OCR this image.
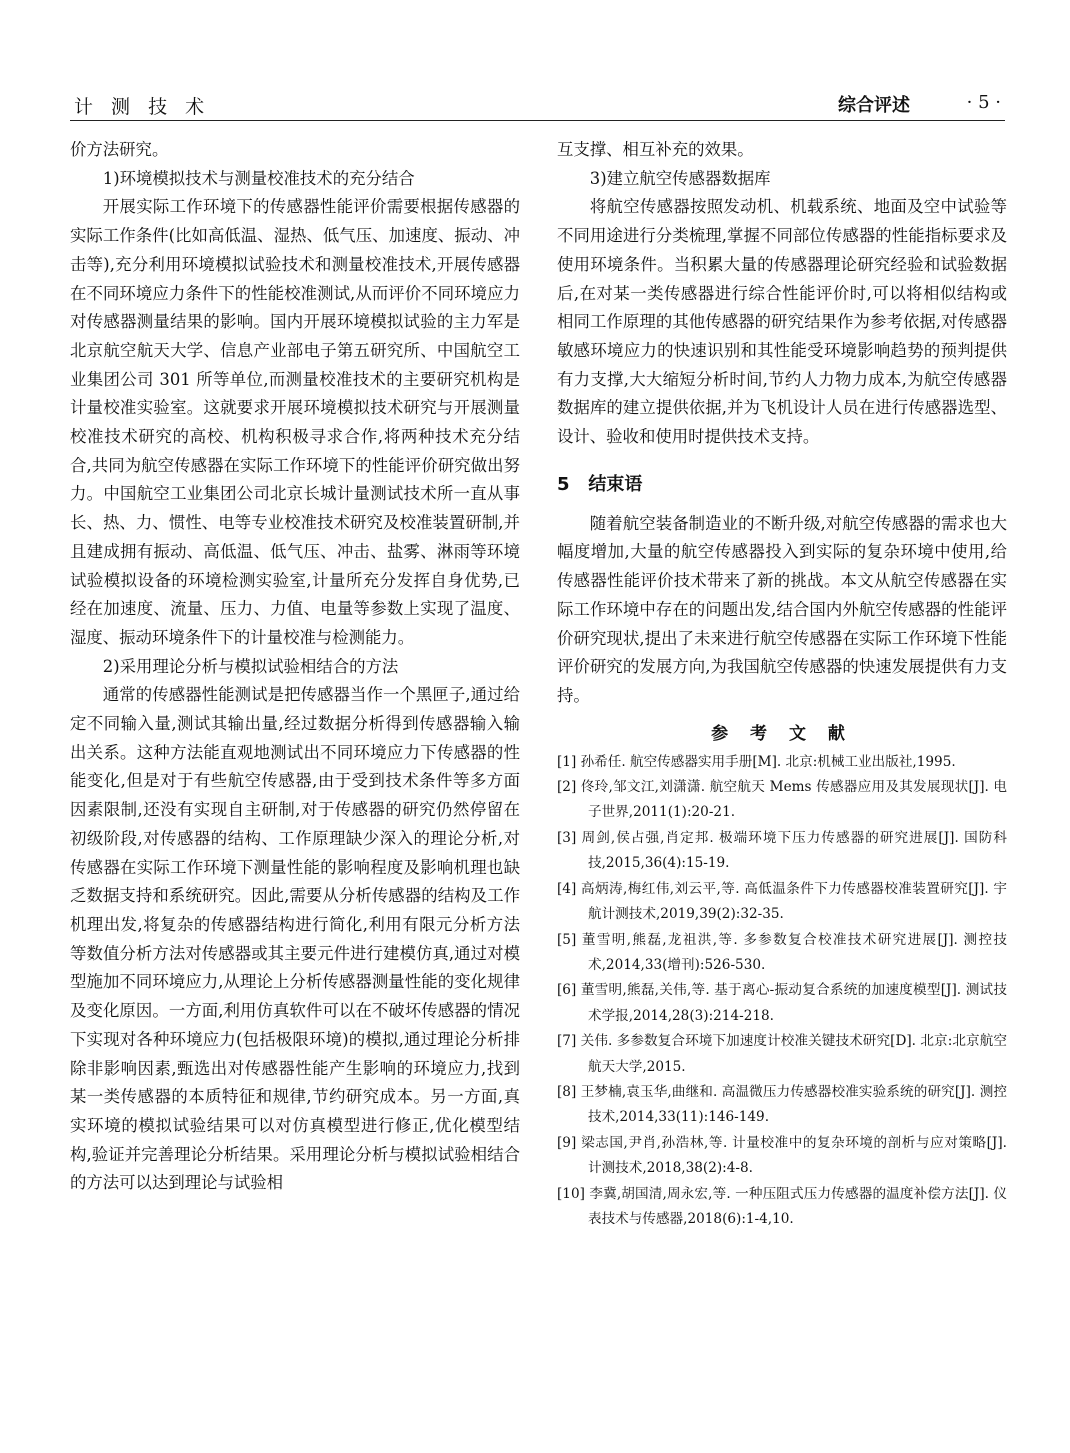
计 测 技 术	综合评述	· 5 ·

价方法研究。

1)环境模拟技术与测量校准技术的充分结合

开展实际工作环境下的传感器性能评价需要根据传感器的实际工作条件(比如高低温、湿热、低气压、加速度、振动、冲击等),充分利用环境模拟试验技术和测量校准技术,开展传感器在不同环境应力条件下的性能校准测试,从而评价不同环境应力对传感器测量结果的影响。国内开展环境模拟试验的主力军是北京航空航天大学、信息产业部电子第五研究所、中国航空工业集团公司 301 所等单位,而测量校准技术的主要研究机构是计量校准实验室。这就要求开展环境模拟技术研究与开展测量校准技术研究的高校、机构积极寻求合作,将两种技术充分结合,共同为航空传感器在实际工作环境下的性能评价研究做出努力。中国航空工业集团公司北京长城计量测试技术所一直从事长、热、力、惯性、电等专业校准技术研究及校准装置研制,并且建成拥有振动、高低温、低气压、冲击、盐雾、淋雨等环境试验模拟设备的环境检测实验室,计量所充分发挥自身优势,已经在加速度、流量、压力、力值、电量等参数上实现了温度、湿度、振动环境条件下的计量校准与检测能力。

2)采用理论分析与模拟试验相结合的方法

通常的传感器性能测试是把传感器当作一个黑匣子,通过给定不同输入量,测试其输出量,经过数据分析得到传感器输入输出关系。这种方法能直观地测试出不同环境应力下传感器的性能变化,但是对于有些航空传感器,由于受到技术条件等多方面因素限制,还没有实现自主研制,对于传感器的研究仍然停留在初级阶段,对传感器的结构、工作原理缺少深入的理论分析,对传感器在实际工作环境下测量性能的影响程度及影响机理也缺乏数据支持和系统研究。因此,需要从分析传感器的结构及工作机理出发,将复杂的传感器结构进行简化,利用有限元分析方法等数值分析方法对传感器或其主要元件进行建模仿真,通过对模型施加不同环境应力,从理论上分析传感器测量性能的变化规律及变化原因。一方面,利用仿真软件可以在不破坏传感器的情况下实现对各种环境应力(包括极限环境)的模拟,通过理论分析排除非影响因素,甄选出对传感器性能产生影响的环境应力,找到某一类传感器的本质特征和规律,节约研究成本。另一方面,真实环境的模拟试验结果可以对仿真模型进行修正,优化模型结构,验证并完善理论分析结果。采用理论分析与模拟试验相结合的方法可以达到理论与试验相

互支撑、相互补充的效果。

3)建立航空传感器数据库

将航空传感器按照发动机、机载系统、地面及空中试验等不同用途进行分类梳理,掌握不同部位传感器的性能指标要求及使用环境条件。当积累大量的传感器理论研究经验和试验数据后,在对某一类传感器进行综合性能评价时,可以将相似结构或相同工作原理的其他传感器的研究结果作为参考依据,对传感器敏感环境应力的快速识别和其性能受环境影响趋势的预判提供有力支撑,大大缩短分析时间,节约人力物力成本,为航空传感器数据库的建立提供依据,并为飞机设计人员在进行传感器选型、设计、验收和使用时提供技术支持。

5   结束语

随着航空装备制造业的不断升级,对航空传感器的需求也大幅度增加,大量的航空传感器投入到实际的复杂环境中使用,给传感器性能评价技术带来了新的挑战。本文从航空传感器在实际工作环境中存在的问题出发,结合国内外航空传感器的性能评价研究现状,提出了未来进行航空传感器在实际工作环境下性能评价研究的发展方向,为我国航空传感器的快速发展提供有力支持。

参 考 文 献
[1] 孙希任. 航空传感器实用手册[M]. 北京:机械工业出版社,1995.
[2] 佟玲,邹文江,刘潇潇. 航空航天 Mems 传感器应用及其发展现状[J]. 电子世界,2011(1):20-21.
[3] 周剑,侯占强,肖定邦. 极端环境下压力传感器的研究进展[J]. 国防科技,2015,36(4):15-19.
[4] 高炳涛,梅红伟,刘云平,等. 高低温条件下力传感器校准装置研究[J]. 宇航计测技术,2019,39(2):32-35.
[5] 董雪明,熊磊,龙祖洪,等. 多参数复合校准技术研究进展[J]. 测控技术,2014,33(增刊):526-530.
[6] 董雪明,熊磊,关伟,等. 基于离心-振动复合系统的加速度模型[J]. 测试技术学报,2014,28(3):214-218.
[7] 关伟. 多参数复合环境下加速度计校准关键技术研究[D]. 北京:北京航空航天大学,2015.
[8] 王梦楠,袁玉华,曲继和. 高温微压力传感器校准实验系统的研究[J]. 测控技术,2014,33(11):146-149.
[9] 梁志国,尹肖,孙浩林,等. 计量校准中的复杂环境的剖析与应对策略[J]. 计测技术,2018,38(2):4-8.
[10] 李冀,胡国清,周永宏,等. 一种压阻式压力传感器的温度补偿方法[J]. 仪表技术与传感器,2018(6):1-4,10.
